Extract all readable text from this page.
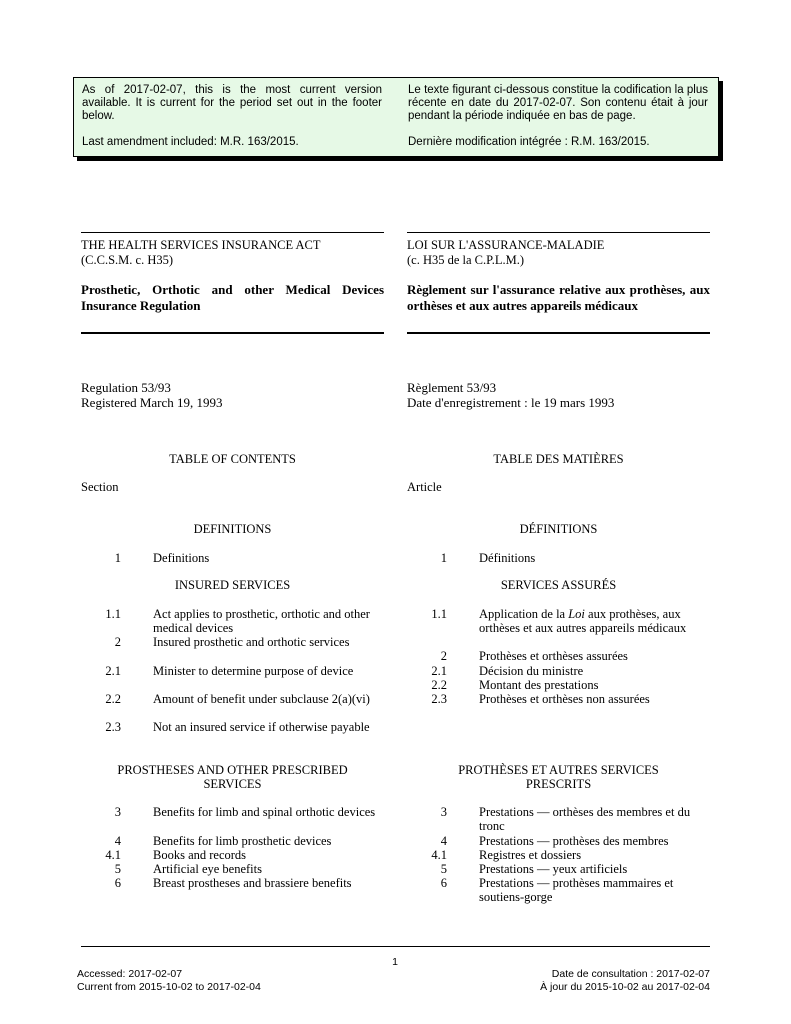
As of 2017-02-07, this is the most current version available. It is current for the period set out in the footer below.

Last amendment included: M.R. 163/2015.

Le texte figurant ci-dessous constitue la codification la plus récente en date du 2017-02-07. Son contenu était à jour pendant la période indiquée en bas de page.

Dernière modification intégrée : R.M. 163/2015.

THE HEALTH SERVICES INSURANCE ACT
(C.C.S.M. c. H35)
LOI SUR L'ASSURANCE-MALADIE
(c. H35 de la C.P.L.M.)
Prosthetic, Orthotic and other Medical Devices Insurance Regulation
Règlement sur l'assurance relative aux prothèses, aux orthèses et aux autres appareils médicaux
Regulation 53/93
Registered March 19, 1993
Règlement 53/93
Date d'enregistrement : le 19 mars 1993
TABLE OF CONTENTS	TABLE DES MATIÈRES
Section	Article
DEFINITIONS	DÉFINITIONS
INSURED SERVICES	SERVICES ASSURÉS
PROSTHESES AND OTHER PRESCRIBED SERVICES
PROTHÈSES ET AUTRES SERVICES PRESCRITS
1	Definitions
1.1	Act applies to prosthetic, orthotic and other medical devices
2	Insured prosthetic and orthotic services
2.1	Minister to determine purpose of device
2.2	Amount of benefit under subclause 2(a)(vi)
2.3	Not an insured service if otherwise payable
3	Benefits for limb and spinal orthotic devices
4	Benefits for limb prosthetic devices
4.1	Books and records
5	Artificial eye benefits
6	Breast prostheses and brassiere benefits
1	Définitions
1.1	Application de la Loi aux prothèses, aux orthèses et aux autres appareils médicaux
2	Prothèses et orthèses assurées
2.1	Décision du ministre
2.2	Montant des prestations
2.3	Prothèses et orthèses non assurées
3	Prestations — orthèses des membres et du tronc
4	Prestations — prothèses des membres
4.1	Registres et dossiers
5	Prestations — yeux artificiels
6	Prestations — prothèses mammaires et soutiens-gorge
1
Accessed: 2017-02-07
Current from 2015-10-02 to 2017-02-04
Date de consultation : 2017-02-07
À jour du 2015-10-02 au 2017-02-04
